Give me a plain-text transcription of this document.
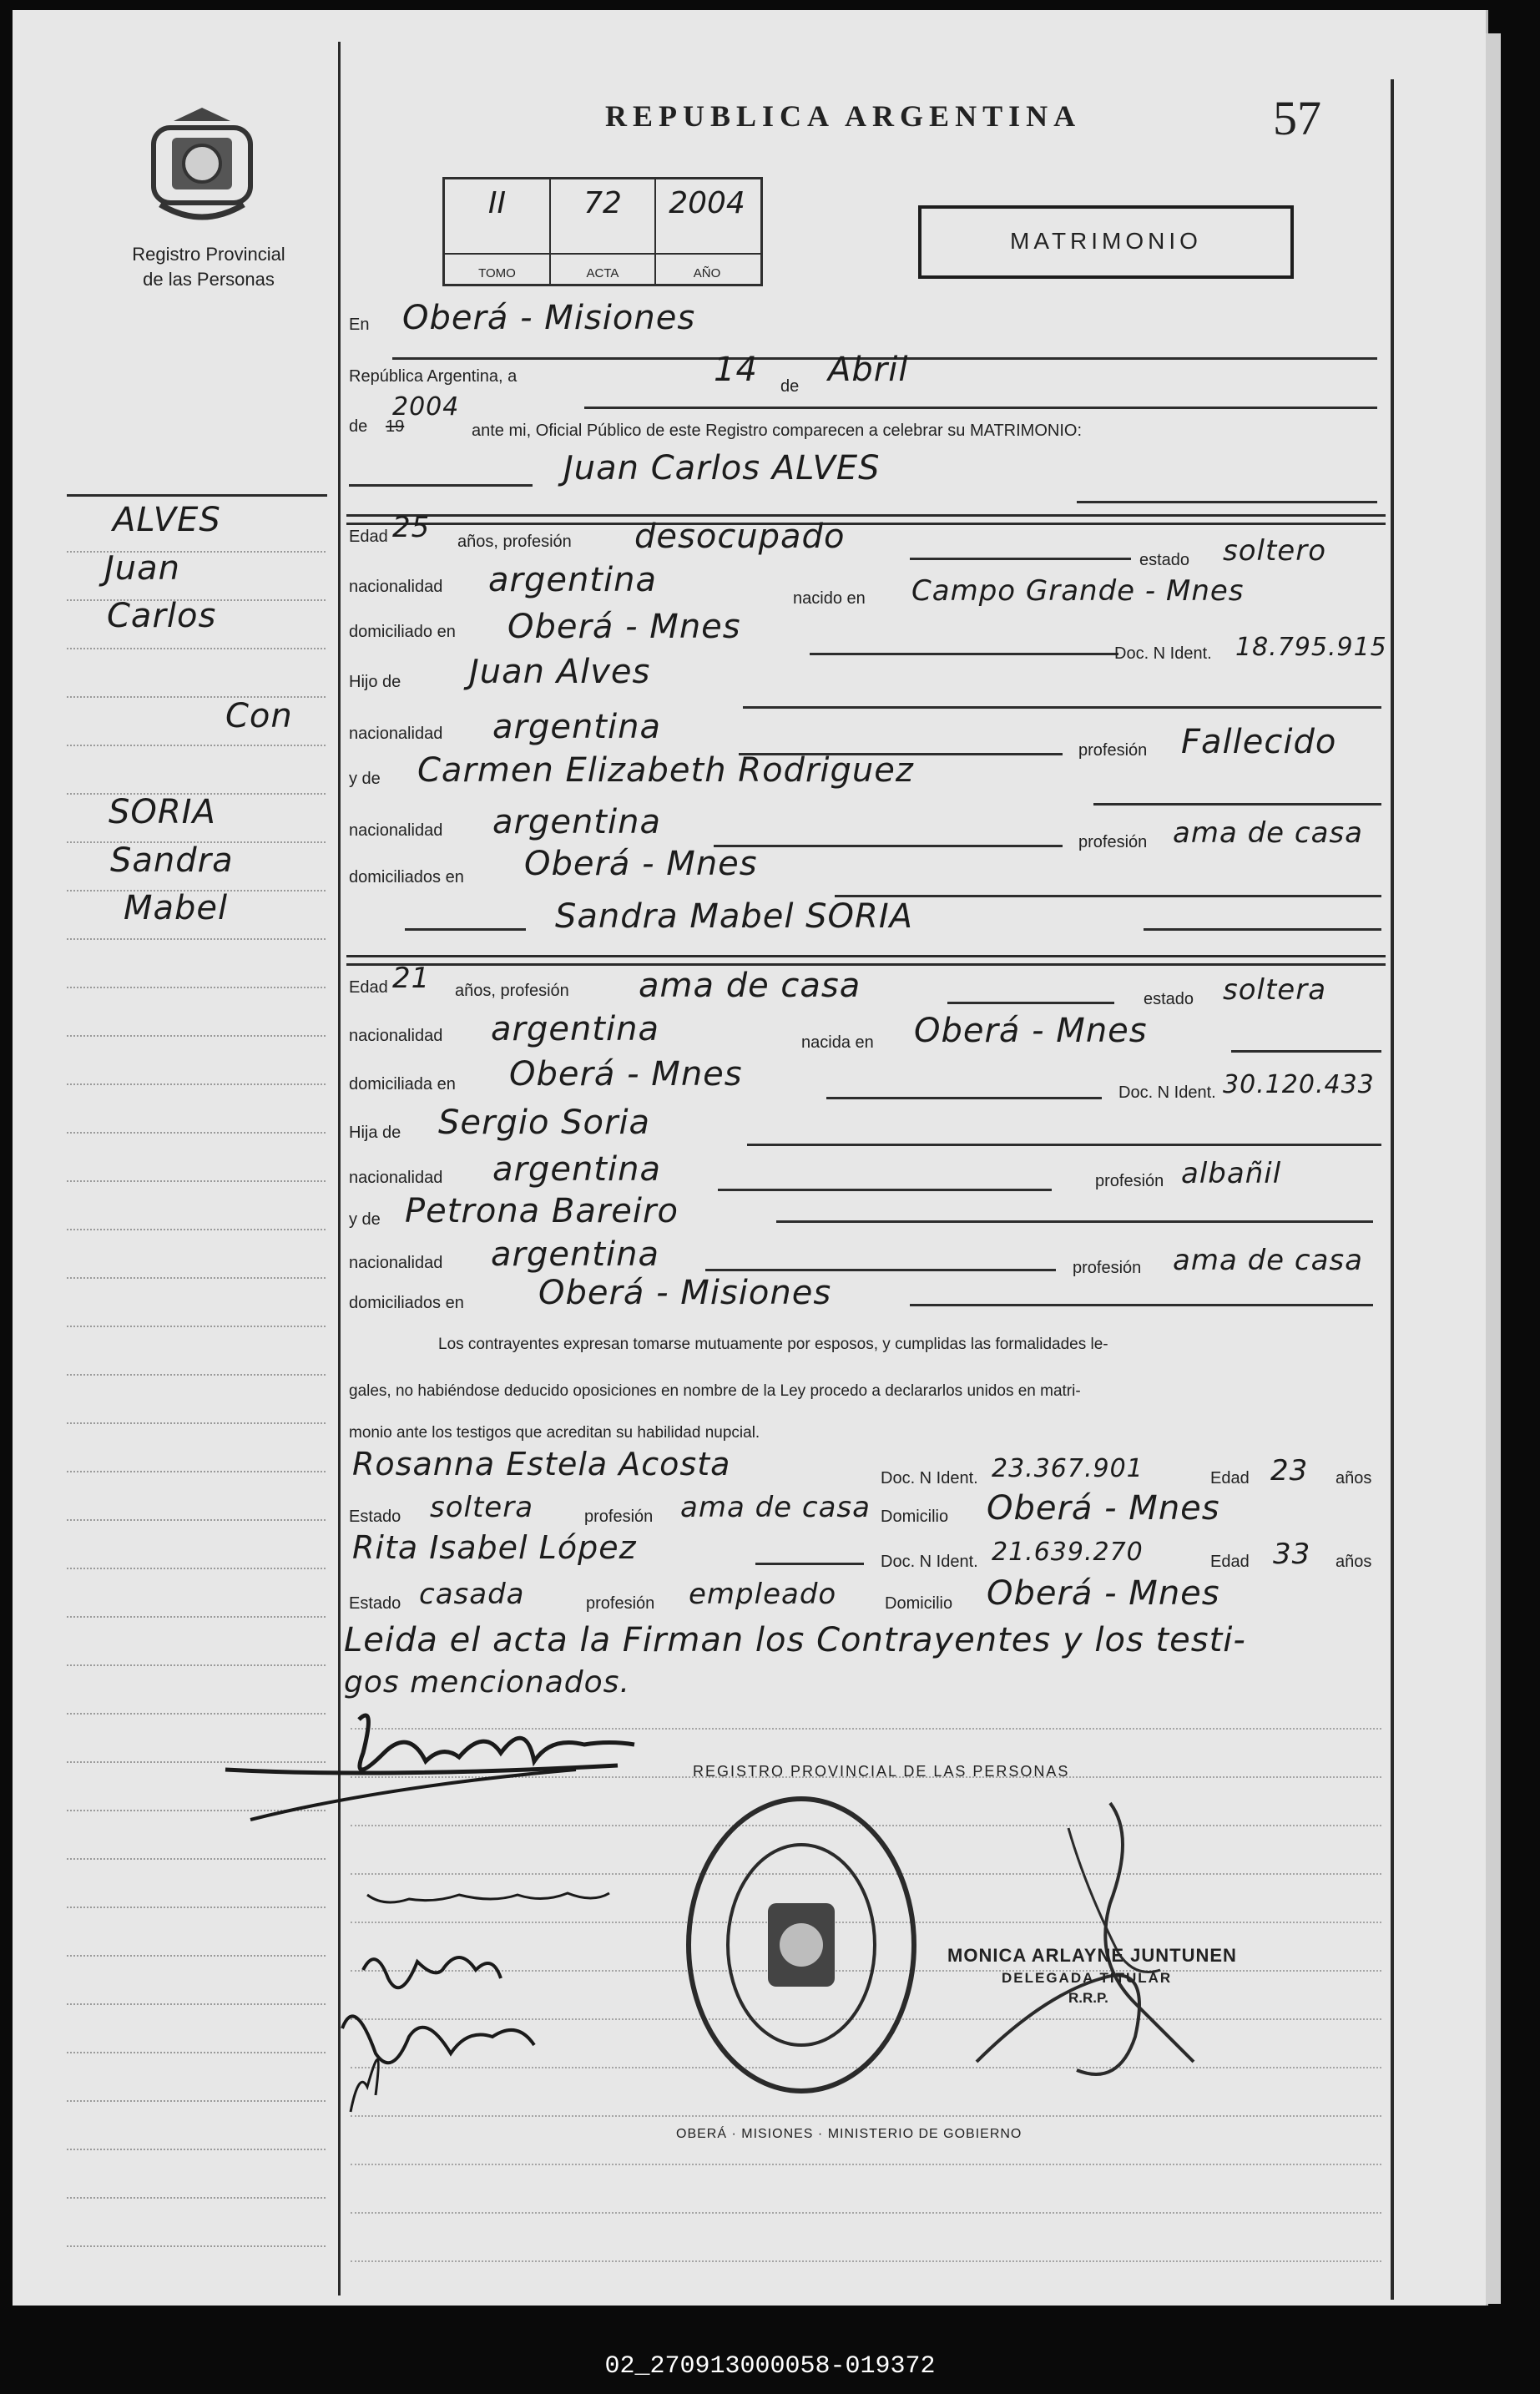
Registro Provincial
de las Personas
REPUBLICA ARGENTINA	57
II
TOMO
72
ACTA
2004
AÑO
MATRIMONIO
ALVES
Juan
Carlos
Con
SORIA
Sandra
Mabel
En Oberá - Misiones
República Argentina, a	14 de Abril
de 19
2004
ante mi, Oficial Público de este Registro comparecen a celebrar su MATRIMONIO:
Juan Carlos ALVES
Edad 25 años, profesión desocupado
estado soltero
nacionalidad argentina	nacido en Campo Grande - Mnes
domiciliado en Oberá - Mnes
Doc. N Ident. 18.795.915
Hijo de Juan Alves
nacionalidad argentina
profesión Fallecido
y de Carmen Elizabeth Rodriguez
nacionalidad argentina
profesión ama de casa
domiciliados en Oberá - Mnes
Sandra Mabel SORIA
Edad 21 años, profesión ama de casa	estado soltera
nacionalidad argentina	nacida en Oberá - Mnes
domiciliada en Oberá - Mnes	Doc. N Ident. 30.120.433
Hija de Sergio Soria
nacionalidad argentina	profesión albañil
y de Petrona Bareiro
nacionalidad argentina	profesión ama de casa
domiciliados en Oberá - Misiones
Los contrayentes expresan tomarse mutuamente por esposos, y cumplidas las formalidades le-
gales, no habiéndose deducido oposiciones en nombre de la Ley procedo a declararlos unidos en matri-
monio ante los testigos que acreditan su habilidad nupcial.
Rosanna Estela Acosta	Doc. N Ident. 23.367.901	Edad 23 años
Estado soltera	profesión ama de casa Domicilio Oberá - Mnes
Rita Isabel López	Doc. N Ident. 21.639.270	Edad 33 años
Estado casada	profesión empleado	Domicilio Oberá - Mnes
Leida el acta la Firman los Contrayentes y los testi-
gos mencionados.
REGISTRO PROVINCIAL DE LAS PERSONAS
OBERÁ · MISIONES · MINISTERIO DE GOBIERNO
MONICA ARLAYNE JUNTUNEN
DELEGADA TITULAR
R.R.P.
02_270913000058-019372
